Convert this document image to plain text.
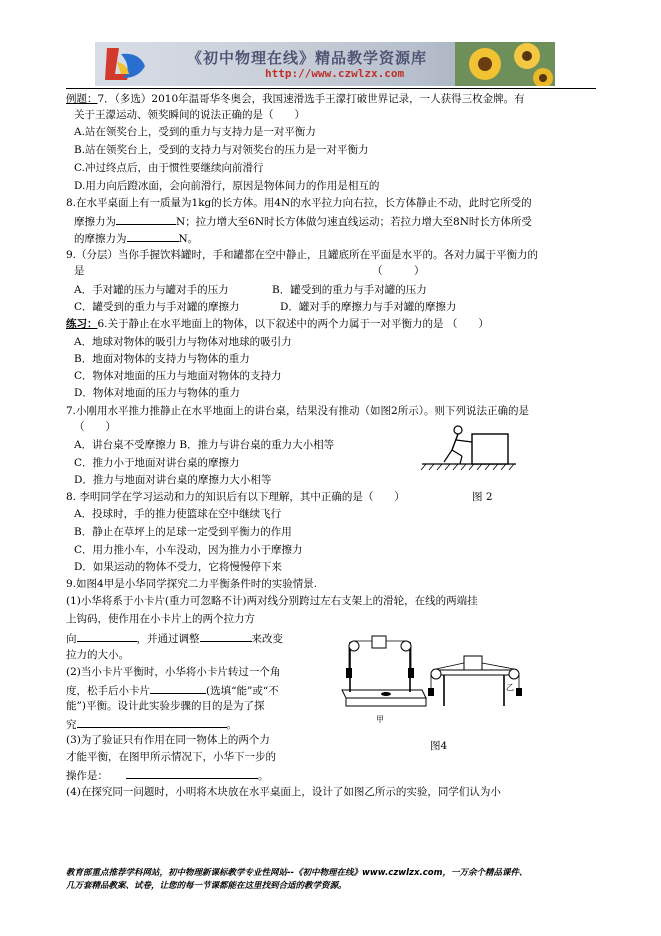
《初中物理在线》精品教学资源库
http://www.czwlzx.com
例题：7．（多选）2010年温哥华冬奥会，我国速滑选手王濛打破世界记录，一人获得三枚金牌。有
关于王濛运动、领奖瞬间的说法正确的是（　　）
A.站在领奖台上，受到的重力与支持力是一对平衡力
B.站在领奖台上，受到的支持力与对领奖台的压力是一对平衡力
C.冲过终点后，由于惯性要继续向前滑行
D.用力向后蹬冰面，会向前滑行，原因是物体间力的作用是相互的
8.在水平桌面上有一质量为1kg的长方体。用4N的水平拉力向右拉，长方体静止不动，此时它所受的
摩擦力为	N；拉力增大至6N时长方体做匀速直线运动；若拉力增大至8N时长方体所受
的摩擦力为	N。
9.（分层）当你手握饮料罐时，手和罐都在空中静止，且罐底所在平面是水平的。各对力属于平衡力的
是	（　　　）
A．手对罐的压力与罐对手的压力	B．罐受到的重力与手对罐的压力
C．罐受到的重力与手对罐的摩擦力	D．罐对手的摩擦力与手对罐的摩擦力
练习：6.关于静止在水平地面上的物体，以下叙述中的两个力属于一对平衡力的是 （　　）
A．地球对物体的吸引力与物体对地球的吸引力
B．地面对物体的支持力与物体的重力
C．物体对地面的压力与地面对物体的支持力
D．物体对地面的压力与物体的重力
7.小刚用水平推力推静止在水平地面上的讲台桌，结果没有推动（如图2所示）。则下列说法正确的是
（　　）
A．讲台桌不受摩擦力 B．推力与讲台桌的重力大小相等
C．推力小于地面对讲台桌的摩擦力
D．推力与地面对讲台桌的摩擦力大小相等
8. 李明同学在学习运动和力的知识后有以下理解，其中正确的是（　　）	图 2
A．投球时，手的推力使篮球在空中继续飞行
B．静止在草坪上的足球一定受到平衡力的作用
C．用力推小车，小车没动，因为推力小于摩擦力
D．如果运动的物体不受力，它将慢慢停下来
9.如图4甲是小华同学探究二力平衡条件时的实验情景.
(1)小华将系于小卡片(重力可忽略不计)两对线分别跨过左右支架上的滑轮，在线的两端挂
上钩码，使作用在小卡片上的两个拉力方
向	，并通过调整	来改变
拉力的大小。
(2)当小卡片平衡时，小华将小卡片转过一个角
度，松手后小卡片	(选填“能”或“不
能”)平衡。设计此实验步骤的目的是为了探
究	。
(3)为了验证只有作用在同一物体上的两个力
才能平衡，在图甲所示情况下，小华下一步的
操作是：	。
(4)在探究同一问题时，小明将木块放在水平桌面上，设计了如图乙所示的实验，同学们认为小
甲
乙
图4
教育部重点推荐学科网站，初中物理新课标教学专业性网站--《初中物理在线》www.czwlzx.com，一万余个精品课件、
几万套精品教案、试卷，让您的每一节课都能在这里找到合适的教学资源。
